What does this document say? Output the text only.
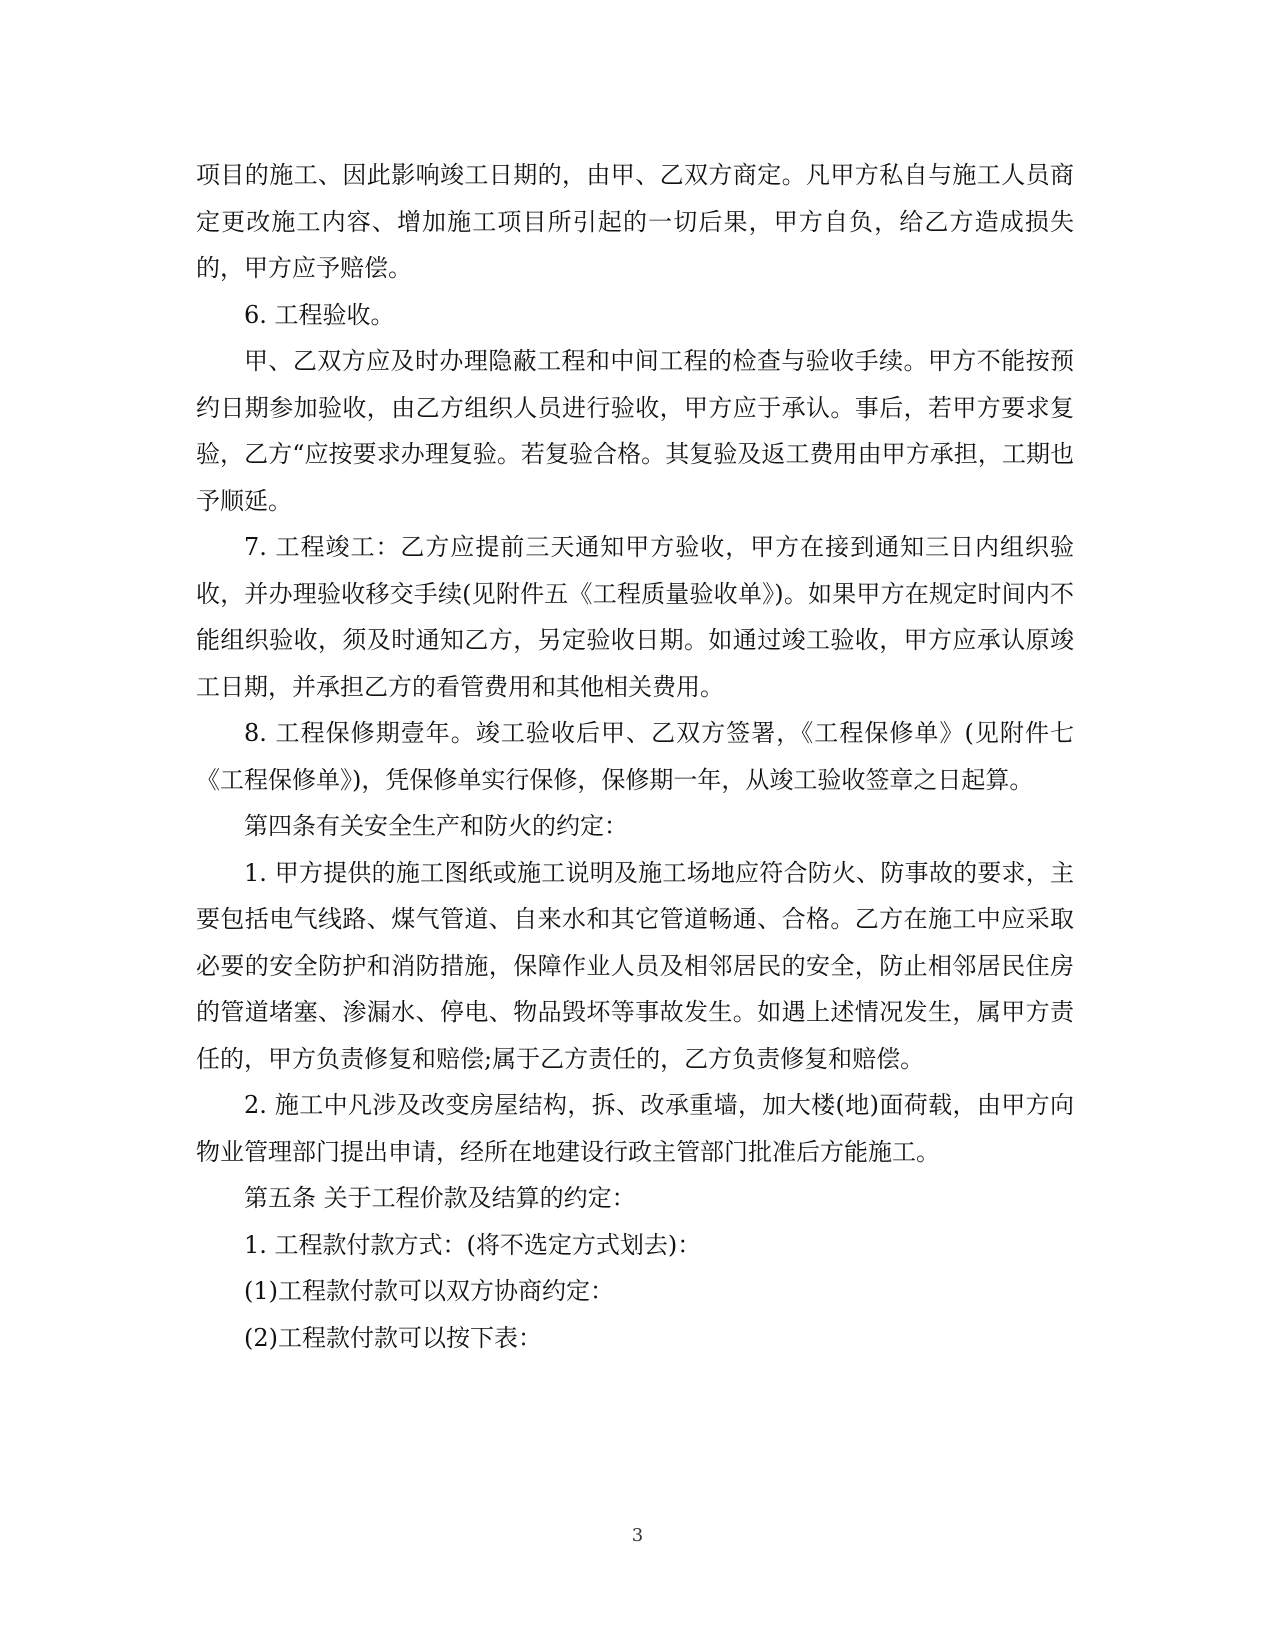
项目的施工、因此影响竣工日期的，由甲、乙双方商定。凡甲方私自与施工人员商定更改施工内容、增加施工项目所引起的一切后果，甲方自负，给乙方造成损失的，甲方应予赔偿。

6. 工程验收。

甲、乙双方应及时办理隐蔽工程和中间工程的检查与验收手续。甲方不能按预约日期参加验收，由乙方组织人员进行验收，甲方应于承认。事后，若甲方要求复验，乙方“应按要求办理复验。若复验合格。其复验及返工费用由甲方承担，工期也予顺延。

7. 工程竣工：乙方应提前三天通知甲方验收，甲方在接到通知三日内组织验收，并办理验收移交手续(见附件五《工程质量验收单》)。如果甲方在规定时间内不能组织验收，须及时通知乙方，另定验收日期。如通过竣工验收，甲方应承认原竣工日期，并承担乙方的看管费用和其他相关费用。

8. 工程保修期壹年。竣工验收后甲、乙双方签署，《工程保修单》(见附件七《工程保修单》)，凭保修单实行保修，保修期一年，从竣工验收签章之日起算。

第四条有关安全生产和防火的约定：

1. 甲方提供的施工图纸或施工说明及施工场地应符合防火、防事故的要求，主要包括电气线路、煤气管道、自来水和其它管道畅通、合格。乙方在施工中应采取必要的安全防护和消防措施，保障作业人员及相邻居民的安全，防止相邻居民住房的管道堵塞、渗漏水、停电、物品毁坏等事故发生。如遇上述情况发生，属甲方责任的，甲方负责修复和赔偿;属于乙方责任的，乙方负责修复和赔偿。

2. 施工中凡涉及改变房屋结构，拆、改承重墙，加大楼(地)面荷载，由甲方向物业管理部门提出申请，经所在地建设行政主管部门批准后方能施工。

第五条 关于工程价款及结算的约定：

1. 工程款付款方式：(将不选定方式划去)：

(1)工程款付款可以双方协商约定：

(2)工程款付款可以按下表：

3
